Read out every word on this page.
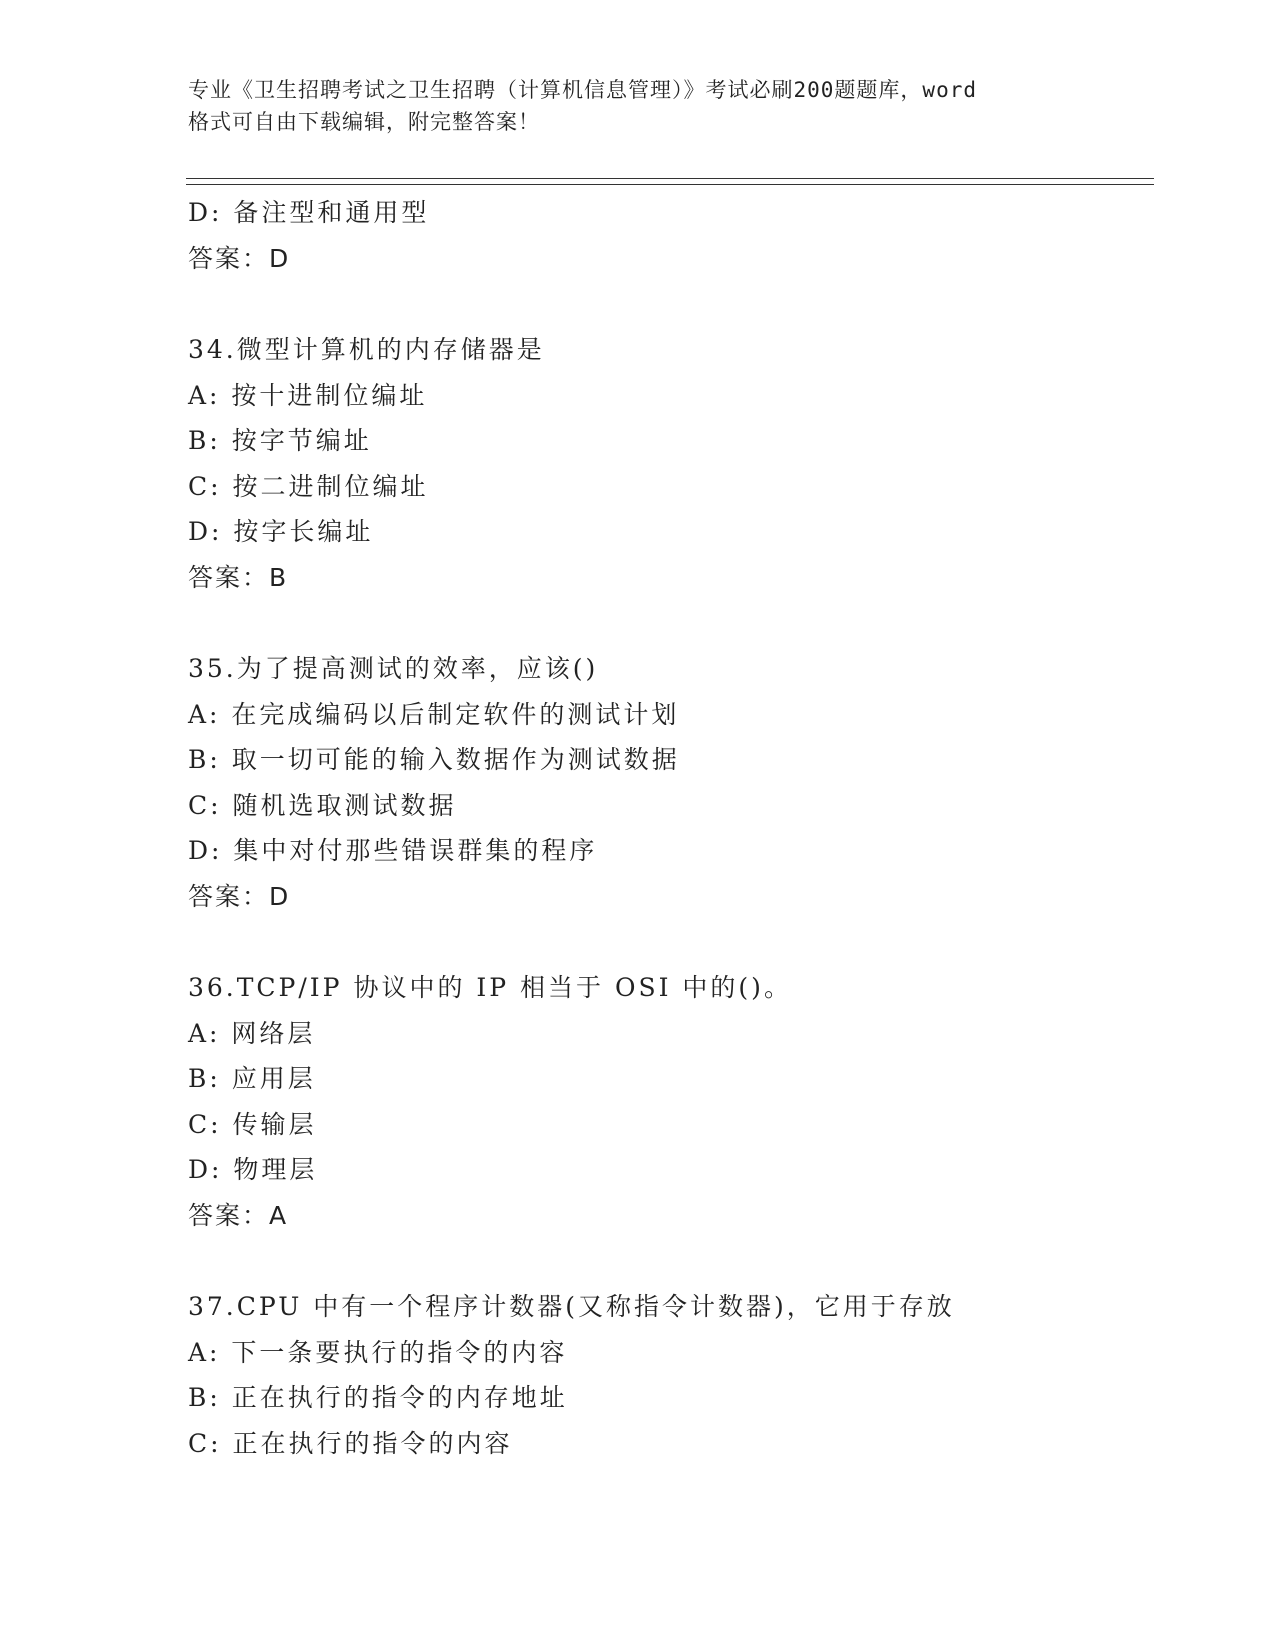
专业《卫生招聘考试之卫生招聘（计算机信息管理）》考试必刷200题题库，word
格式可自由下载编辑，附完整答案！
D: 备注型和通用型
答案：D
34.微型计算机的内存储器是
A: 按十进制位编址
B: 按字节编址
C: 按二进制位编址
D: 按字长编址
答案：B
35.为了提高测试的效率，应该()
A: 在完成编码以后制定软件的测试计划
B: 取一切可能的输入数据作为测试数据
C: 随机选取测试数据
D: 集中对付那些错误群集的程序
答案：D
36.TCP/IP 协议中的 IP 相当于 OSI 中的()。
A: 网络层
B: 应用层
C: 传输层
D: 物理层
答案：A
37.CPU 中有一个程序计数器(又称指令计数器)，它用于存放
A: 下一条要执行的指令的内容
B: 正在执行的指令的内存地址
C: 正在执行的指令的内容
